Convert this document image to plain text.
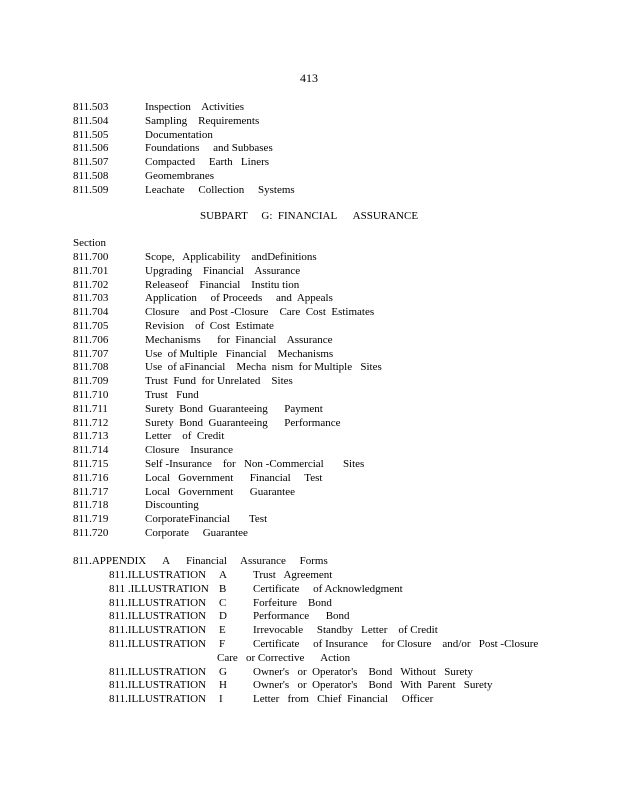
413
811.503	Inspection    Activities
811.504	Sampling    Requirements
811.505	Documentation
811.506	Foundations     and Subbases
811.507	Compacted     Earth   Liners
811.508	Geomembranes
811.509	Leachate     Collection     Systems
SUBPART     G:  FINANCIAL      ASSURANCE
Section
811.700	Scope,   Applicability    andDefinitions
811.701	Upgrading    Financial    Assurance
811.702	Releaseof    Financial    Institu tion
811.703	Application     of Proceeds     and  Appeals
811.704	Closure    and Post -Closure    Care  Cost  Estimates
811.705	Revision    of  Cost  Estimate
811.706	Mechanisms      for  Financial    Assurance
811.707	Use  of Multiple   Financial    Mechanisms
811.708	Use  of aFinancial    Mecha  nism  for Multiple   Sites
811.709	Trust  Fund  for Unrelated    Sites
811.710	Trust   Fund
811.711	Surety  Bond  Guaranteeing      Payment
811.712	Surety  Bond  Guaranteeing      Performance
811.713	Letter    of  Credit
811.714	Closure    Insurance
811.715	Self -Insurance    for   Non -Commercial       Sites
811.716	Local   Government      Financial     Test
811.717	Local   Government      Guarantee
811.718	Discounting
811.719	CorporateFinancial       Test
811.720	Corporate     Guarantee
811.APPENDIX      A      Financial     Assurance     Forms
811.ILLUSTRATION	A	Trust   Agreement
811 .ILLUSTRATION B	Certificate     of Acknowledgment
811.ILLUSTRATION	C	Forfeiture    Bond
811.ILLUSTRATION	D	Performance      Bond
811.ILLUSTRATION	E	Irrevocable     Standby   Letter    of Credit
811.ILLUSTRATION	F	Certificate     of Insurance     for Closure    and/or   Post -Closure
Care   or Corrective      Action
811.ILLUSTRATION	G	Owner's   or  Operator's    Bond   Without   Surety
811.ILLUSTRATION	H	Owner's   or  Operator's    Bond   With  Parent   Surety
811.ILLUSTRATION	I	Letter   from   Chief  Financial     Officer
